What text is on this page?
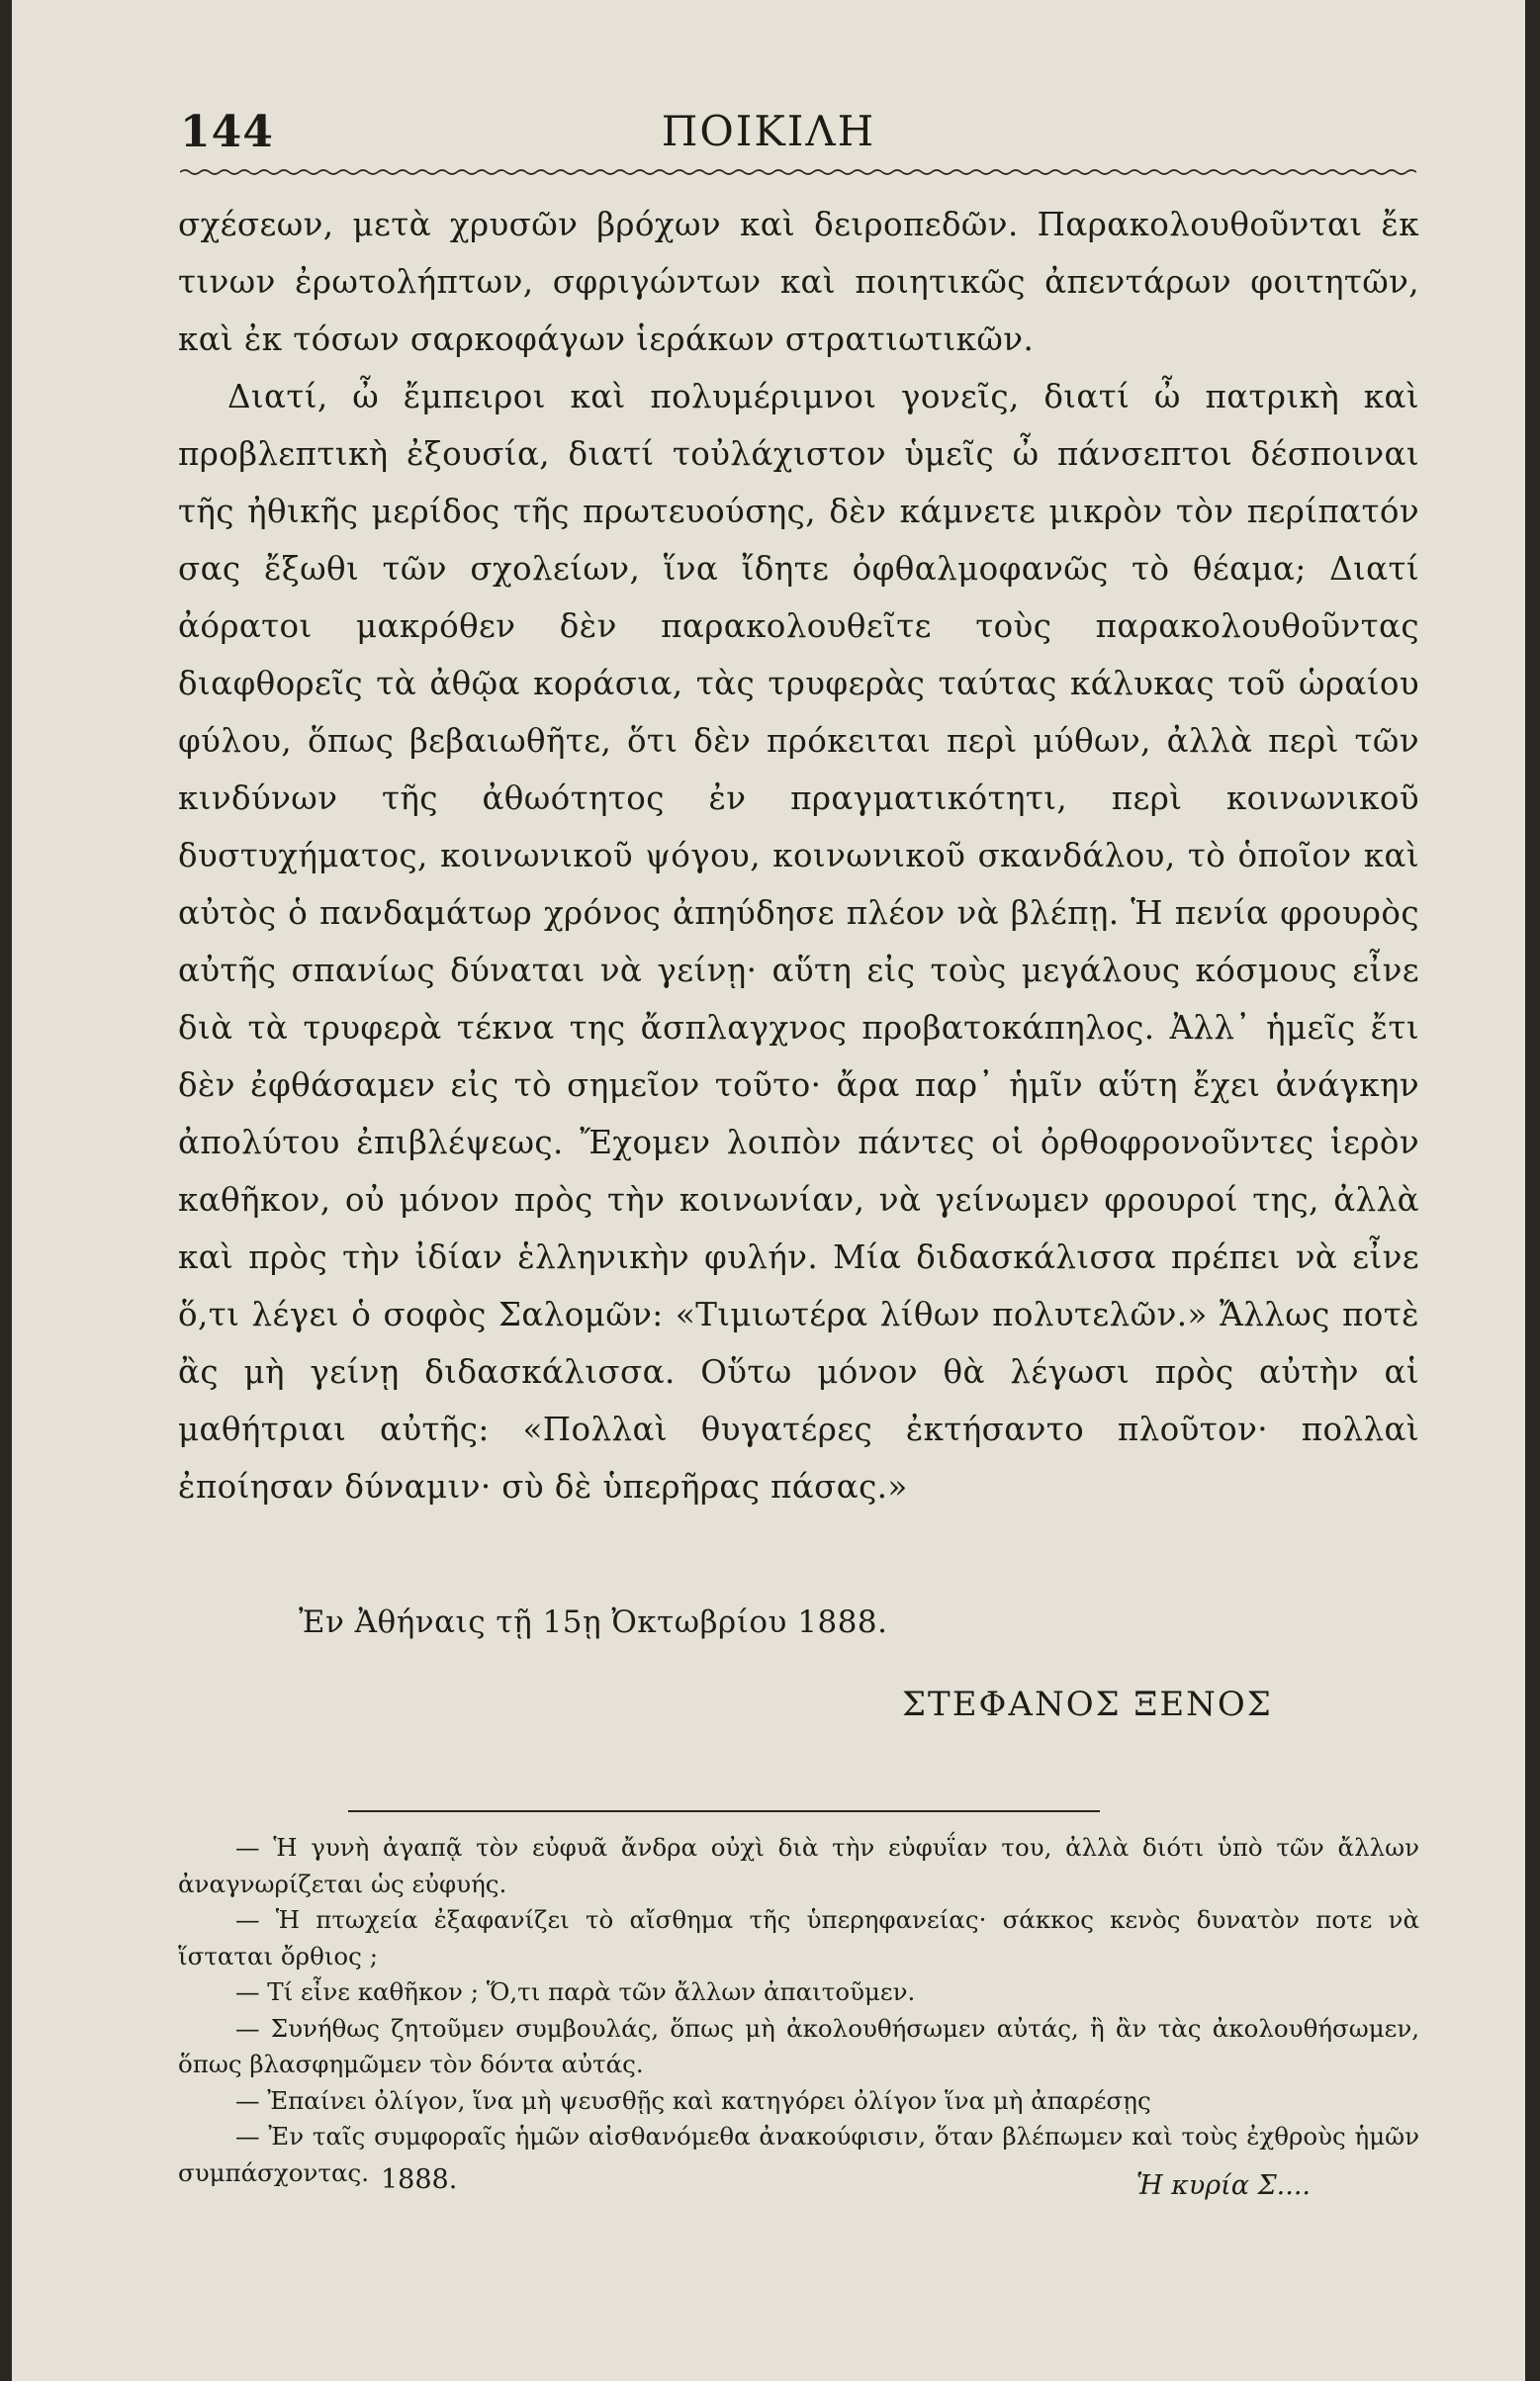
144	ΠΟΙΚΙΛΗ

σχέσεων, μετὰ χρυσῶν βρόχων καὶ δειροπεδῶν. Παρακολουθοῦνται ἔκ τινων ἐρωτολήπτων, σφριγώντων καὶ ποιητικῶς ἀπεντάρων φοιτητῶν, καὶ ἐκ τόσων σαρκοφάγων ἱεράκων στρατιωτικῶν.

Διατί, ὦ ἔμπειροι καὶ πολυμέριμνοι γονεῖς, διατί ὦ πατρικὴ καὶ προβλεπτικὴ ἐξουσία, διατί τοὐλάχιστον ὑμεῖς ὦ πάνσεπτοι δέσποιναι τῆς ἠθικῆς μερίδος τῆς πρωτευούσης, δὲν κάμνετε μικρὸν τὸν περίπατόν σας ἔξωθι τῶν σχολείων, ἵνα ἴδητε ὀφθαλμοφανῶς τὸ θέαμα; Διατί ἀόρατοι μακρόθεν δὲν παρακολουθεῖτε τοὺς παρακολουθοῦντας διαφθορεῖς τὰ ἀθῷα κοράσια, τὰς τρυφερὰς ταύτας κάλυκας τοῦ ὡραίου φύλου, ὅπως βεβαιωθῆτε, ὅτι δὲν πρόκειται περὶ μύθων, ἀλλὰ περὶ τῶν κινδύνων τῆς ἀθωότητος ἐν πραγματικότητι, περὶ κοινωνικοῦ δυστυχήματος, κοινωνικοῦ ψόγου, κοινωνικοῦ σκανδάλου, τὸ ὁποῖον καὶ αὐτὸς ὁ πανδαμάτωρ χρόνος ἀπηύδησε πλέον νὰ βλέπῃ. Ἡ πενία φρουρὸς αὐτῆς σπανίως δύναται νὰ γείνῃ· αὕτη εἰς τοὺς μεγάλους κόσμους εἶνε διὰ τὰ τρυφερὰ τέκνα της ἄσπλαγχνος προβατοκάπηλος. Ἀλλ᾽ ἡμεῖς ἔτι δὲν ἐφθάσαμεν εἰς τὸ σημεῖον τοῦτο· ἄρα παρ᾽ ἡμῖν αὕτη ἔχει ἀνάγκην ἀπολύτου ἐπιβλέψεως. Ἔχομεν λοιπὸν πάντες οἱ ὀρθοφρονοῦντες ἱερὸν καθῆκον, οὐ μόνον πρὸς τὴν κοινωνίαν, νὰ γείνωμεν φρουροί της, ἀλλὰ καὶ πρὸς τὴν ἰδίαν ἑλληνικὴν φυλήν. Μία διδασκάλισσα πρέπει νὰ εἶνε ὅ,τι λέγει ὁ σοφὸς Σαλομῶν: «Τιμιωτέρα λίθων πολυτελῶν.» Ἄλλως ποτὲ ἂς μὴ γείνῃ διδασκάλισσα. Οὕτω μόνον θὰ λέγωσι πρὸς αὐτὴν αἱ μαθήτριαι αὐτῆς: «Πολλαὶ θυγατέρες ἐκτήσαντο πλοῦτον· πολλαὶ ἐποίησαν δύναμιν· σὺ δὲ ὑπερῆρας πάσας.»

Ἐν Ἀθήναις τῇ 15ῃ Ὀκτωβρίου 1888.
ΣΤΕΦΑΝΟΣ ΞΕΝΟΣ

— Ἡ γυνὴ ἀγαπᾷ τὸν εὐφυᾶ ἄνδρα οὐχὶ διὰ τὴν εὐφυΐαν του, ἀλλὰ διότι ὑπὸ τῶν ἄλλων ἀναγνωρίζεται ὡς εὐφυής.

— Ἡ πτωχεία ἐξαφανίζει τὸ αἴσθημα τῆς ὑπερηφανείας· σάκκος κενὸς δυνατὸν ποτε νὰ ἵσταται ὄρθιος ;

— Τί εἶνε καθῆκον ; Ὅ,τι παρὰ τῶν ἄλλων ἀπαιτοῦμεν.

— Συνήθως ζητοῦμεν συμβουλάς, ὅπως μὴ ἀκολουθήσωμεν αὐτάς, ἢ ἂν τὰς ἀκολουθήσωμεν, ὅπως βλασφημῶμεν τὸν δόντα αὐτάς.

— Ἐπαίνει ὀλίγον, ἵνα μὴ ψευσθῇς καὶ κατηγόρει ὀλίγον ἵνα μὴ ἀπαρέσῃς

— Ἐν ταῖς συμφοραῖς ἡμῶν αἰσθανόμεθα ἀνακούφισιν, ὅταν βλέπωμεν καὶ τοὺς ἐχθροὺς ἡμῶν συμπάσχοντας. 1888.	Ἡ κυρία Σ....
